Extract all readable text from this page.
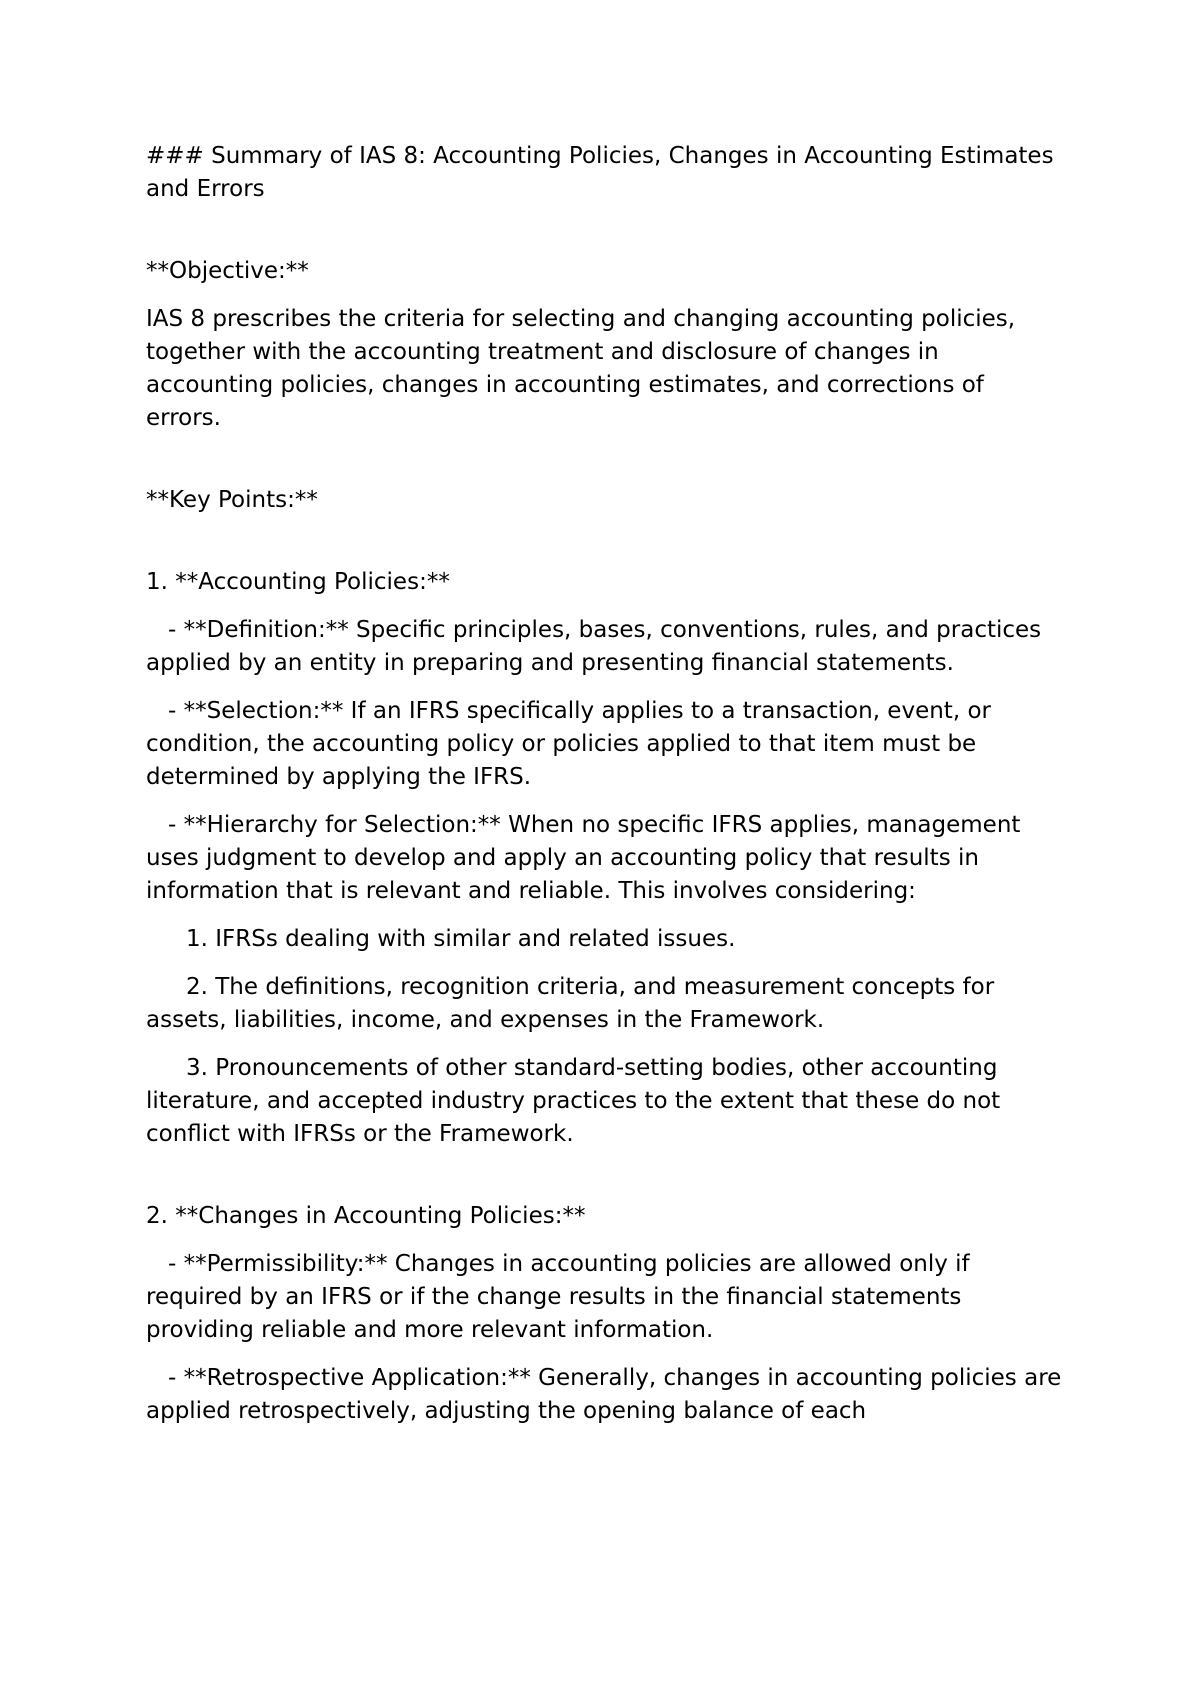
### Summary of IAS 8: Accounting Policies, Changes in Accounting Estimates and Errors

**Objective:**

IAS 8 prescribes the criteria for selecting and changing accounting policies, together with the accounting treatment and disclosure of changes in accounting policies, changes in accounting estimates, and corrections of errors.

**Key Points:**

1. **Accounting Policies:**

- **Definition:** Specific principles, bases, conventions, rules, and practices applied by an entity in preparing and presenting financial statements.

- **Selection:** If an IFRS specifically applies to a transaction, event, or condition, the accounting policy or policies applied to that item must be determined by applying the IFRS.

- **Hierarchy for Selection:** When no specific IFRS applies, management uses judgment to develop and apply an accounting policy that results in information that is relevant and reliable. This involves considering:

1. IFRSs dealing with similar and related issues.

2. The definitions, recognition criteria, and measurement concepts for assets, liabilities, income, and expenses in the Framework.

3. Pronouncements of other standard-setting bodies, other accounting literature, and accepted industry practices to the extent that these do not conflict with IFRSs or the Framework.

2. **Changes in Accounting Policies:**

- **Permissibility:** Changes in accounting policies are allowed only if required by an IFRS or if the change results in the financial statements providing reliable and more relevant information.

- **Retrospective Application:** Generally, changes in accounting policies are applied retrospectively, adjusting the opening balance of each
